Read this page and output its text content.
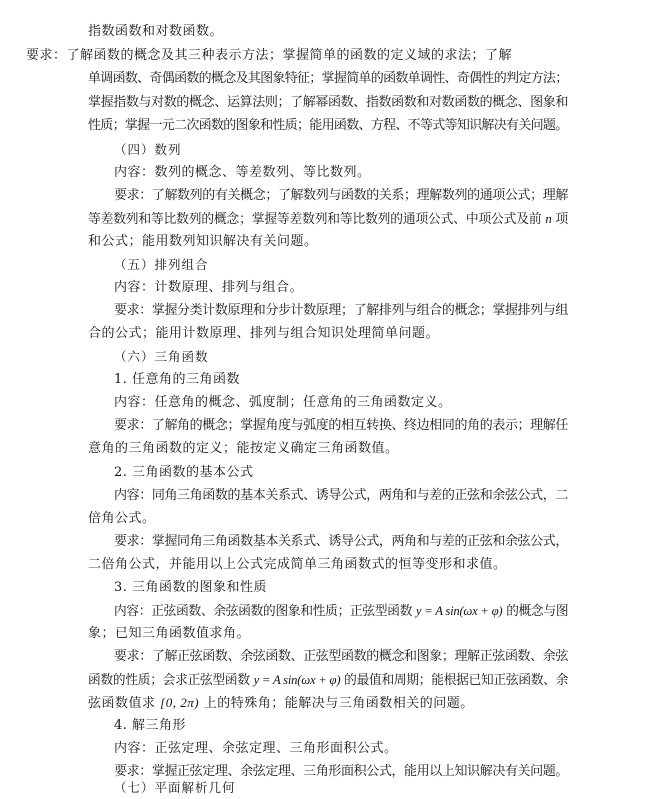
指数函数和对数函数。
要求：了解函数的概念及其三种表示方法；掌握简单的函数的定义域的求法；了解
单调函数、奇偶函数的概念及其图象特征；掌握简单的函数单调性、奇偶性的判定方法；
掌握指数与对数的概念、运算法则；了解幂函数、指数函数和对数函数的概念、图象和
性质；掌握一元二次函数的图象和性质；能用函数、方程、不等式等知识解决有关问题。
（四）数列
内容：数列的概念、等差数列、等比数列。
要求：了解数列的有关概念；了解数列与函数的关系；理解数列的通项公式；理解
等差数列和等比数列的概念；掌握等差数列和等比数列的通项公式、中项公式及前 n 项
和公式；能用数列知识解决有关问题。
（五）排列组合
内容：计数原理、排列与组合。
要求：掌握分类计数原理和分步计数原理；了解排列与组合的概念；掌握排列与组
合的公式；能用计数原理、排列与组合知识处理简单问题。
（六）三角函数
1. 任意角的三角函数
内容：任意角的概念、弧度制；任意角的三角函数定义。
要求：了解角的概念；掌握角度与弧度的相互转换、终边相同的角的表示；理解任
意角的三角函数的定义；能按定义确定三角函数值。
2. 三角函数的基本公式
内容：同角三角函数的基本关系式、诱导公式，两角和与差的正弦和余弦公式，二
倍角公式。
要求：掌握同角三角函数基本关系式、诱导公式，两角和与差的正弦和余弦公式，
二倍角公式，并能用以上公式完成简单三角函数式的恒等变形和求值。
3. 三角函数的图象和性质
内容：正弦函数、余弦函数的图象和性质；正弦型函数 y = A sin(ωx + φ) 的概念与图
象；已知三角函数值求角。
要求：了解正弦函数、余弦函数、正弦型函数的概念和图象；理解正弦函数、余弦
函数的性质；会求正弦型函数 y = A sin(ωx + φ) 的最值和周期；能根据已知正弦函数、余
弦函数值求 [0, 2π) 上的特殊角；能解决与三角函数相关的问题。
4. 解三角形
内容：正弦定理、余弦定理、三角形面积公式。
要求：掌握正弦定理、余弦定理、三角形面积公式，能用以上知识解决有关问题。
（七）平面解析几何
